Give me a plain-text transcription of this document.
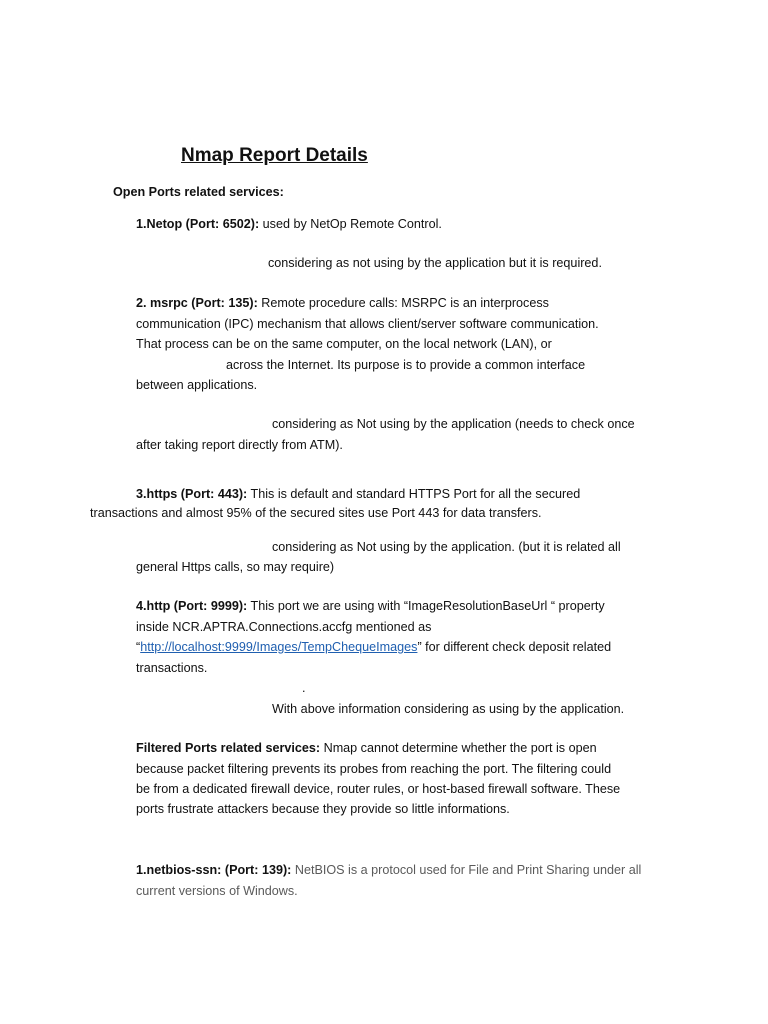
Nmap Report Details
Open Ports related services:
1.Netop (Port: 6502): used by NetOp Remote Control.
considering as not using by the application but it is required.
2. msrpc (Port: 135): Remote procedure calls: MSRPC is an interprocess
communication (IPC) mechanism that allows client/server software communication.
That process can be on the same computer, on the local network (LAN), or
across the Internet. Its purpose is to provide a common interface
between applications.
considering as Not using by the application (needs to check once
after taking report directly from ATM).
3.https (Port: 443): This is default and standard HTTPS Port for all the secured
transactions and almost 95% of the secured sites use Port 443 for data transfers.
considering as Not using by the application. (but it is related all
general Https calls, so may require)
4.http (Port: 9999): This port we are using with “ImageResolutionBaseUrl “ property
inside NCR.APTRA.Connections.accfg mentioned as
“http://localhost:9999/Images/TempChequeImages” for different check deposit related
transactions.
.
With above information considering as using by the application.
Filtered Ports related services: Nmap cannot determine whether the port is open
because packet filtering prevents its probes from reaching the port. The filtering could
be from a dedicated firewall device, router rules, or host-based firewall software. These
ports frustrate attackers because they provide so little informations.
1.netbios-ssn: (Port: 139): NetBIOS is a protocol used for File and Print Sharing under all
current versions of Windows.
